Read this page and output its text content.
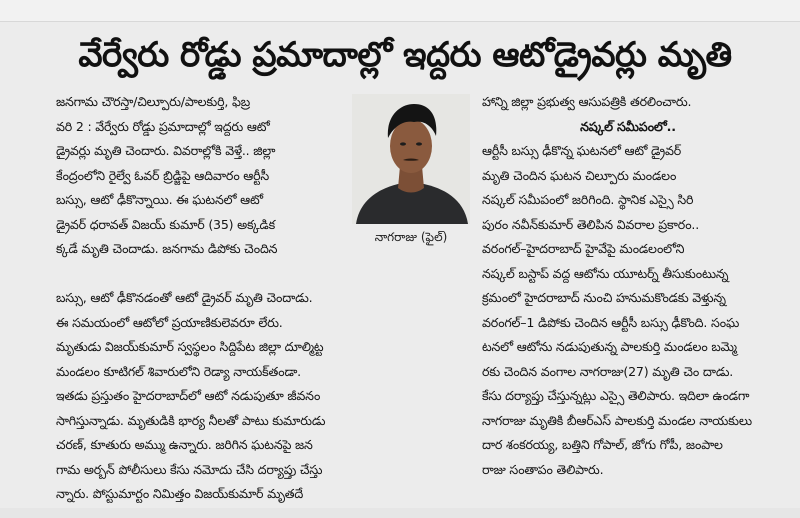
వేర్వేరు రోడ్డు ప్రమాదాల్లో ఇద్దరు ఆటోడ్రైవర్లు మృతి
జనగామ చౌరస్తా/చిల్పూరు/పాలకుర్తి, ఫిబ్ర
వరి 2 : వేర్వేరు రోడ్డు ప్రమాదాల్లో ఇద్దరు ఆటో
డ్రైవర్లు మృతి చెందారు. వివరాల్లోకి వెళ్తే.. జిల్లా
కేంద్రంలోని రైల్వే ఓవర్ బ్రిడ్జిపై ఆదివారం ఆర్టీసీ
బస్సు, ఆటో ఢీకొన్నాయి. ఈ ఘటనలో ఆటో
డ్రైవర్ ధరావత్ విజయ్ కుమార్ (35) అక్కడిక
క్కడే మృతి చెందాడు. జనగామ డిపోకు చెందిన
నాగరాజు (ఫైల్)
బస్సు, ఆటో ఢీకొనడంతో ఆటో డ్రైవర్ మృతి చెందాడు.
ఈ సమయంలో ఆటోలో ప్రయాణికులెవరూ లేరు.
మృతుడు విజయ్‌కుమార్ స్వస్థలం సిద్దిపేట జిల్లా దూల్మిట్ట
మండలం కూటిగల్ శివారులోని రెడ్యా నాయక్‌తండా.
ఇతడు ప్రస్తుతం హైదరాబాద్‌లో ఆటో నడుపుతూ జీవనం
సాగిస్తున్నాడు. మృతుడికి భార్య నీలతో పాటు కుమారుడు
చరణ్, కూతురు అమ్ము ఉన్నారు. జరిగిన ఘటనపై జన
గామ అర్బన్ పోలీసులు కేసు నమోదు చేసి దర్యాప్తు చేస్తు
న్నారు. పోస్టుమార్టం నిమిత్తం విజయ్‌కుమార్ మృతదే
హాన్ని జిల్లా ప్రభుత్వ ఆసుపత్రికి తరలించారు.
నష్కల్ సమీపంలో..
ఆర్టీసీ బస్సు ఢీకొన్న ఘటనలో ఆటో డ్రైవర్
మృతి చెందిన ఘటన చిల్పూరు మండలం
నష్కల్ సమీపంలో జరిగింది. స్థానిక ఎస్సై సిరి
పురం నవీన్‌కుమార్ తెలిపిన వివరాల ప్రకారం..
వరంగల్–హైదరాబాద్ హైవేపై మండలంలోని
నష్కల్ బస్టాప్ వద్ద ఆటోను యూటర్న్ తీసుకుంటున్న
క్రమంలో హైదరాబాద్ నుంచి హనుమకొండకు వెళ్తున్న
వరంగల్–1 డిపోకు చెందిన ఆర్టీసీ బస్సు ఢీకొంది. సంఘ
టనలో ఆటోను నడుపుతున్న పాలకుర్తి మండలం బమ్మె
రకు చెందిన వంగాల నాగరాజు(27) మృతి చెం దాడు.
కేసు దర్యాప్తు చేస్తున్నట్లు ఎస్సై తెలిపారు. ఇదిలా ఉండగా
నాగరాజు మృతికి బీఆర్ఎస్ పాలకుర్తి మండల నాయకులు
దార శంకరయ్య, బత్తిని గోపాల్, జోగు గోపీ, జంపాల
రాజు సంతాపం తెలిపారు.
